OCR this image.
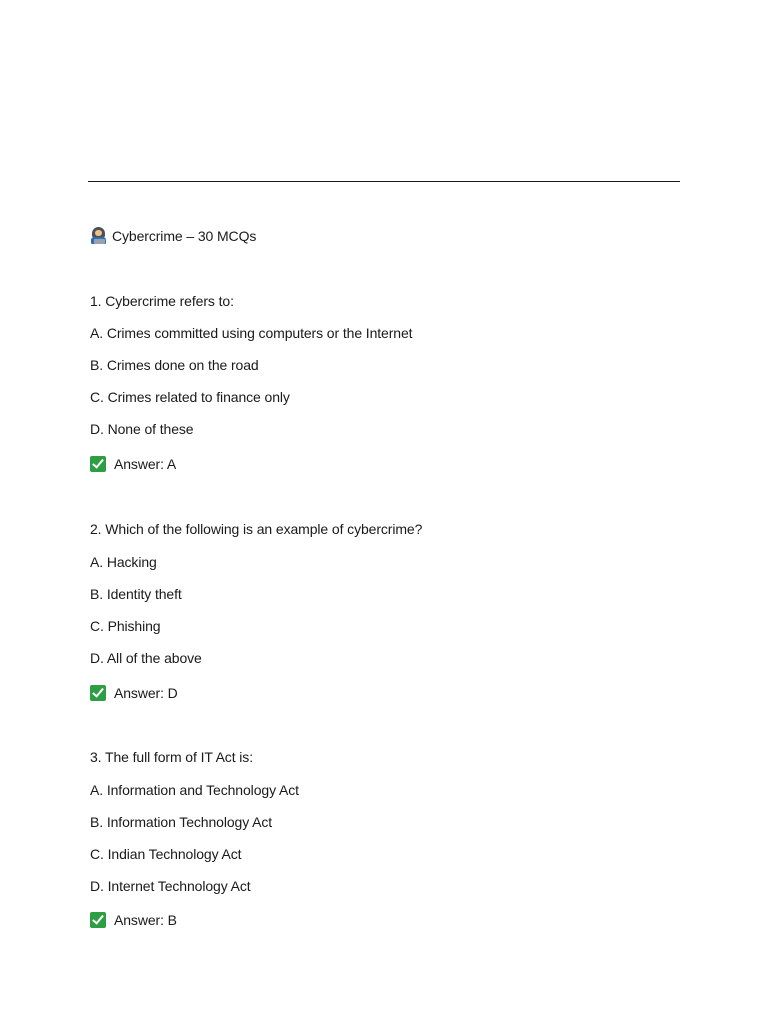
Cybercrime – 30 MCQs
1. Cybercrime refers to:
A. Crimes committed using computers or the Internet
B. Crimes done on the road
C. Crimes related to finance only
D. None of these
Answer: A
2. Which of the following is an example of cybercrime?
A. Hacking
B. Identity theft
C. Phishing
D. All of the above
Answer: D
3. The full form of IT Act is:
A. Information and Technology Act
B. Information Technology Act
C. Indian Technology Act
D. Internet Technology Act
Answer: B
